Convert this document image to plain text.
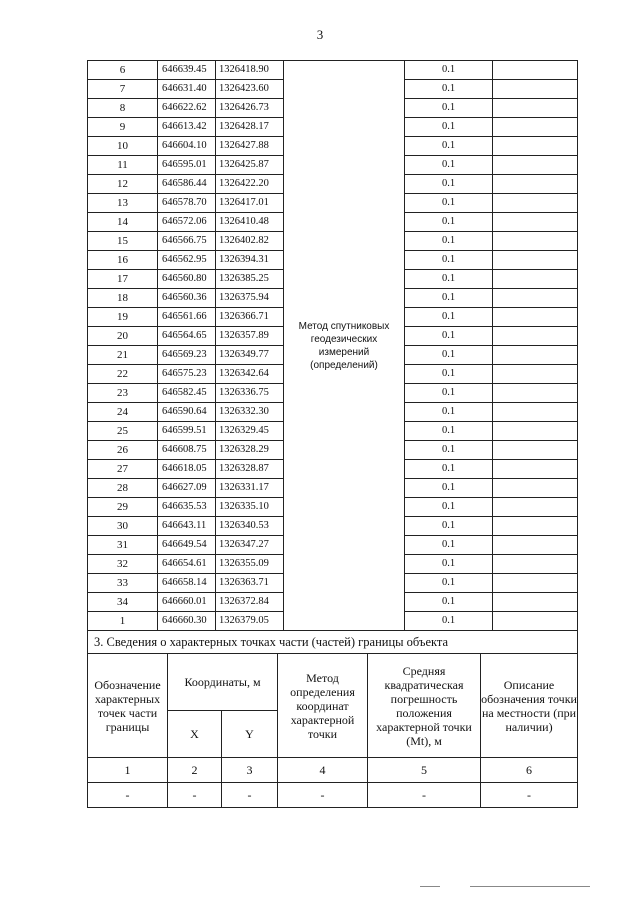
3
6	646639.45	1326418.90	Метод спутниковых геодезических измерений (определений)	0.1	
7	646631.40	1326423.60		0.1	
8	646622.62	1326426.73		0.1	
9	646613.42	1326428.17		0.1	
10	646604.10	1326427.88		0.1	
11	646595.01	1326425.87		0.1	
12	646586.44	1326422.20		0.1	
13	646578.70	1326417.01		0.1	
14	646572.06	1326410.48		0.1	
15	646566.75	1326402.82		0.1	
16	646562.95	1326394.31		0.1	
17	646560.80	1326385.25		0.1	
18	646560.36	1326375.94		0.1	
19	646561.66	1326366.71		0.1	
20	646564.65	1326357.89		0.1	
21	646569.23	1326349.77		0.1	
22	646575.23	1326342.64		0.1	
23	646582.45	1326336.75		0.1	
24	646590.64	1326332.30		0.1	
25	646599.51	1326329.45		0.1	
26	646608.75	1326328.29		0.1	
27	646618.05	1326328.87		0.1	
28	646627.09	1326331.17		0.1	
29	646635.53	1326335.10		0.1	
30	646643.11	1326340.53		0.1	
31	646649.54	1326347.27		0.1	
32	646654.61	1326355.09		0.1	
33	646658.14	1326363.71		0.1	
34	646660.01	1326372.84		0.1	
1	646660.30	1326379.05		0.1	
3. Сведения о характерных точках части (частей) границы объекта					
Обозначение характерных точек части границы	Координаты, м		Метод определения координат характерной точки	Средняя квадратическая погрешность положения характерной точки (Mt), м	Описание обозначения точки на местности (при наличии)
	X	Y			
1	2	3	4	5	6
-	-	-	-	-	-
